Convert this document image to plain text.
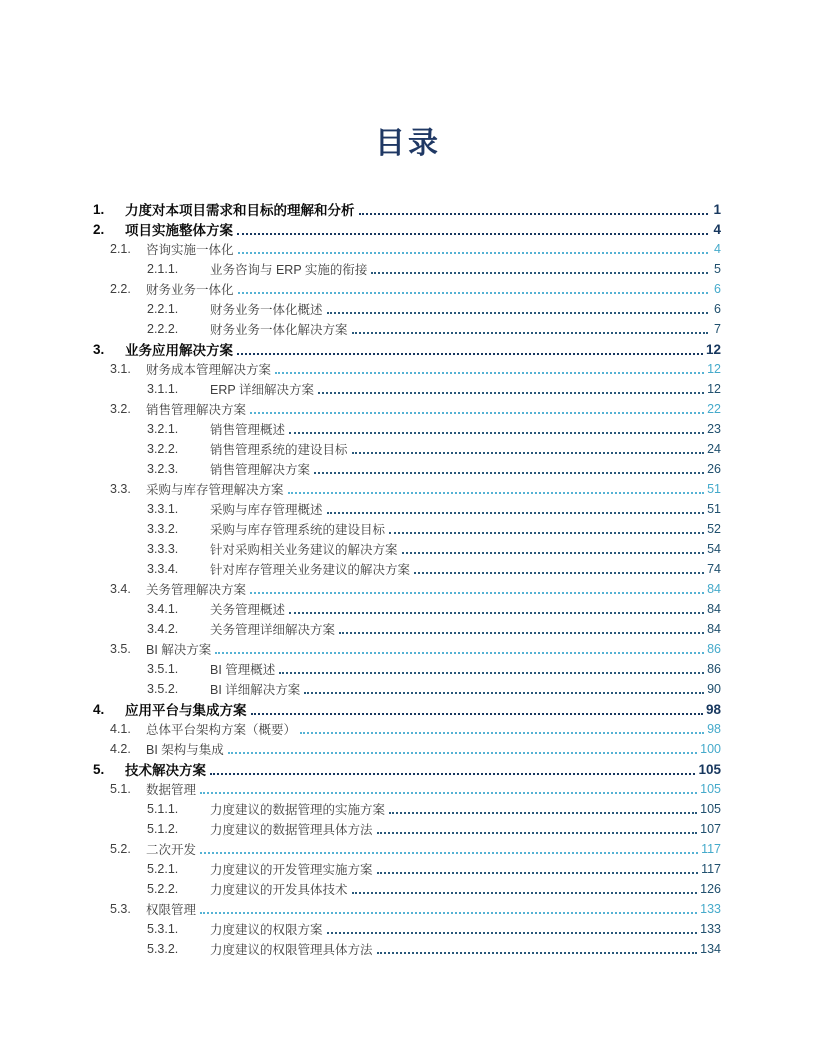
目录
1.	力度对本项目需求和目标的理解和分析	1
2.	项目实施整体方案	4
2.1.	咨询实施一体化	4
2.1.1.	业务咨询与 ERP 实施的衔接	5
2.2.	财务业务一体化	6
2.2.1.	财务业务一体化概述	6
2.2.2.	财务业务一体化解决方案	7
3.	业务应用解决方案	12
3.1.	财务成本管理解决方案	12
3.1.1.	ERP 详细解决方案	12
3.2.	销售管理解决方案	22
3.2.1.	销售管理概述	23
3.2.2.	销售管理系统的建设目标	24
3.2.3.	销售管理解决方案	26
3.3.	采购与库存管理解决方案	51
3.3.1.	采购与库存管理概述	51
3.3.2.	采购与库存管理系统的建设目标	52
3.3.3.	针对采购相关业务建议的解决方案	54
3.3.4.	针对库存管理关业务建议的解决方案	74
3.4.	关务管理解决方案	84
3.4.1.	关务管理概述	84
3.4.2.	关务管理详细解决方案	84
3.5.	BI 解决方案	86
3.5.1.	BI 管理概述	86
3.5.2.	BI 详细解决方案	90
4.	应用平台与集成方案	98
4.1.	总体平台架构方案（概要）	98
4.2.	BI 架构与集成	100
5.	技术解决方案	105
5.1.	数据管理	105
5.1.1.	力度建议的数据管理的实施方案	105
5.1.2.	力度建议的数据管理具体方法	107
5.2.	二次开发	117
5.2.1.	力度建议的开发管理实施方案	117
5.2.2.	力度建议的开发具体技术	126
5.3.	权限管理	133
5.3.1.	力度建议的权限方案	133
5.3.2.	力度建议的权限管理具体方法	134
